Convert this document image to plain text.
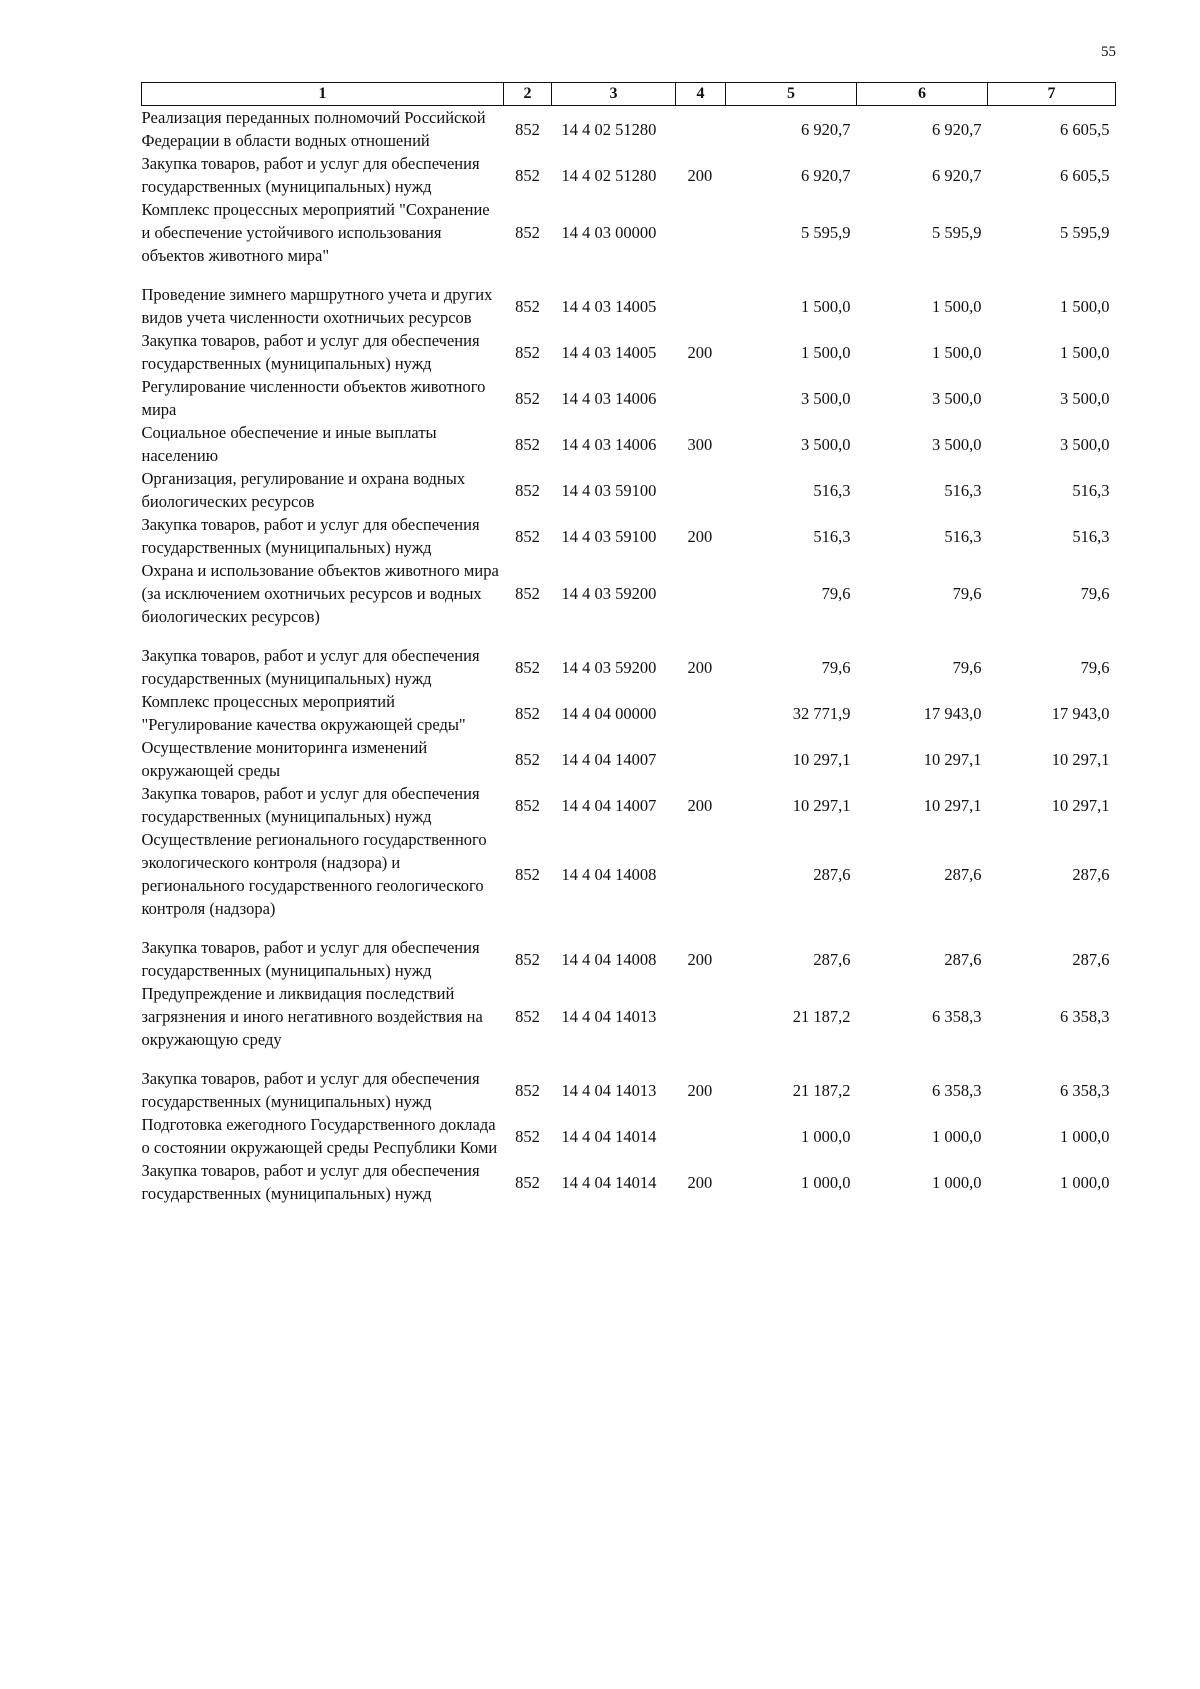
55
1	2	3	4	5	6	7
Реализация переданных полномочий Российской Федерации в области водных отношений	852	14 4 02 51280		6 920,7	6 920,7	6 605,5
Закупка товаров, работ и услуг для обеспечения государственных (муниципальных) нужд	852	14 4 02 51280	200	6 920,7	6 920,7	6 605,5
Комплекс процессных мероприятий "Сохранение и обеспечение устойчивого использования объектов животного мира"	852	14 4 03 00000		5 595,9	5 595,9	5 595,9
Проведение зимнего маршрутного учета и других видов учета численности охотничьих ресурсов	852	14 4 03 14005		1 500,0	1 500,0	1 500,0
Закупка товаров, работ и услуг для обеспечения государственных (муниципальных) нужд	852	14 4 03 14005	200	1 500,0	1 500,0	1 500,0
Регулирование численности объектов животного мира	852	14 4 03 14006		3 500,0	3 500,0	3 500,0
Социальное обеспечение и иные выплаты населению	852	14 4 03 14006	300	3 500,0	3 500,0	3 500,0
Организация, регулирование и охрана водных биологических ресурсов	852	14 4 03 59100		516,3	516,3	516,3
Закупка товаров, работ и услуг для обеспечения государственных (муниципальных) нужд	852	14 4 03 59100	200	516,3	516,3	516,3
Охрана и использование объектов животного мира (за исключением охотничьих ресурсов и водных биологических ресурсов)	852	14 4 03 59200		79,6	79,6	79,6
Закупка товаров, работ и услуг для обеспечения государственных (муниципальных) нужд	852	14 4 03 59200	200	79,6	79,6	79,6
Комплекс процессных мероприятий "Регулирование качества окружающей среды"	852	14 4 04 00000		32 771,9	17 943,0	17 943,0
Осуществление мониторинга изменений окружающей среды	852	14 4 04 14007		10 297,1	10 297,1	10 297,1
Закупка товаров, работ и услуг для обеспечения государственных (муниципальных) нужд	852	14 4 04 14007	200	10 297,1	10 297,1	10 297,1
Осуществление регионального государственного экологического контроля (надзора) и регионального государственного геологического контроля (надзора)	852	14 4 04 14008		287,6	287,6	287,6
Закупка товаров, работ и услуг для обеспечения государственных (муниципальных) нужд	852	14 4 04 14008	200	287,6	287,6	287,6
Предупреждение и ликвидация последствий загрязнения и иного негативного воздействия на окружающую среду	852	14 4 04 14013		21 187,2	6 358,3	6 358,3
Закупка товаров, работ и услуг для обеспечения государственных (муниципальных) нужд	852	14 4 04 14013	200	21 187,2	6 358,3	6 358,3
Подготовка ежегодного Государственного доклада о состоянии окружающей среды Республики Коми	852	14 4 04 14014		1 000,0	1 000,0	1 000,0
Закупка товаров, работ и услуг для обеспечения государственных (муниципальных) нужд	852	14 4 04 14014	200	1 000,0	1 000,0	1 000,0
